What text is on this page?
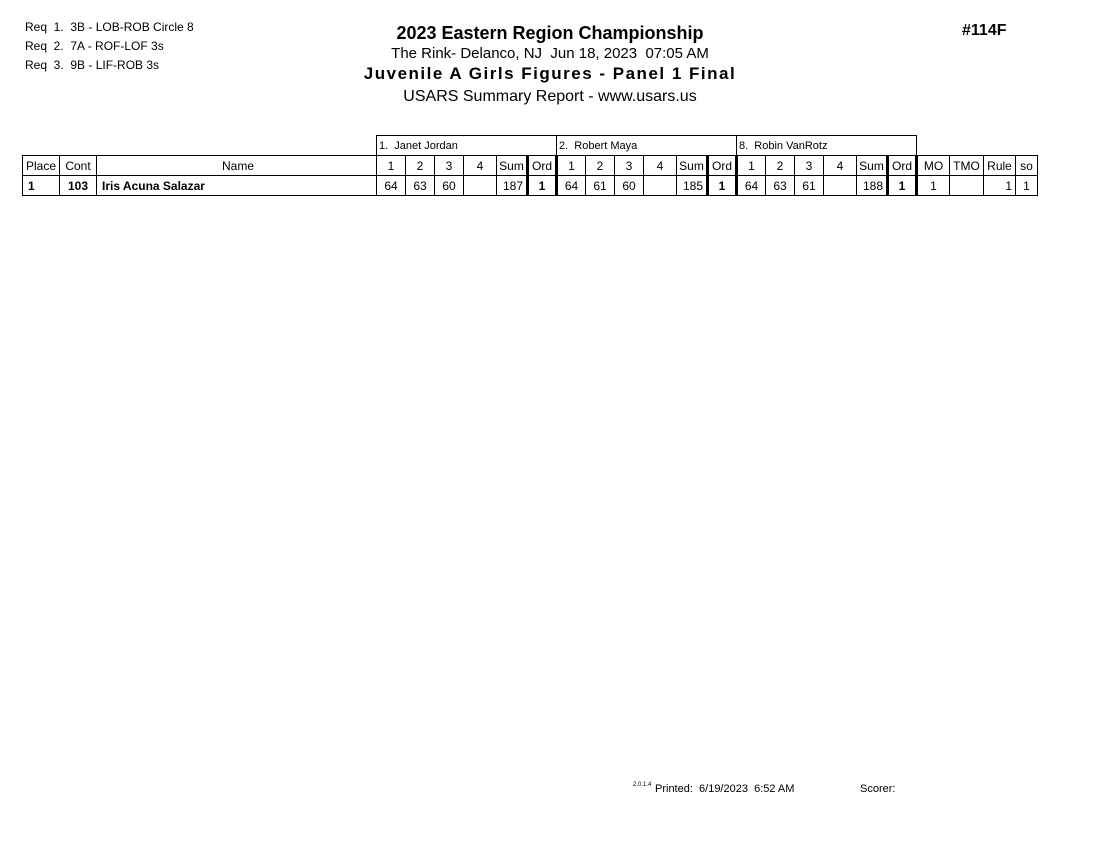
Req  1.  3B - LOB-ROB Circle 8
Req  2.  7A - ROF-LOF 3s
Req  3.  9B - LIF-ROB 3s
2023 Eastern Region Championship
The Rink- Delanco, NJ  Jun 18, 2023  07:05 AM
Juvenile A Girls Figures - Panel 1 Final
USARS Summary Report - www.usars.us
#114F
			1.  Janet Jordan						2.  Robert Maya						8.  Robin VanRotz									
Place	Cont	Name	1	2	3	4	Sum	Ord	1	2	3	4	Sum	Ord	1	2	3	4	Sum	Ord	MO	TMO	Rule	so
1	103	Iris Acuna Salazar	64	63	60		187	1	64	61	60		185	1	64	63	61		188	1	1		1	1
2.0.1.4 Printed:  6/19/2023  6:52 AM	Scorer:
